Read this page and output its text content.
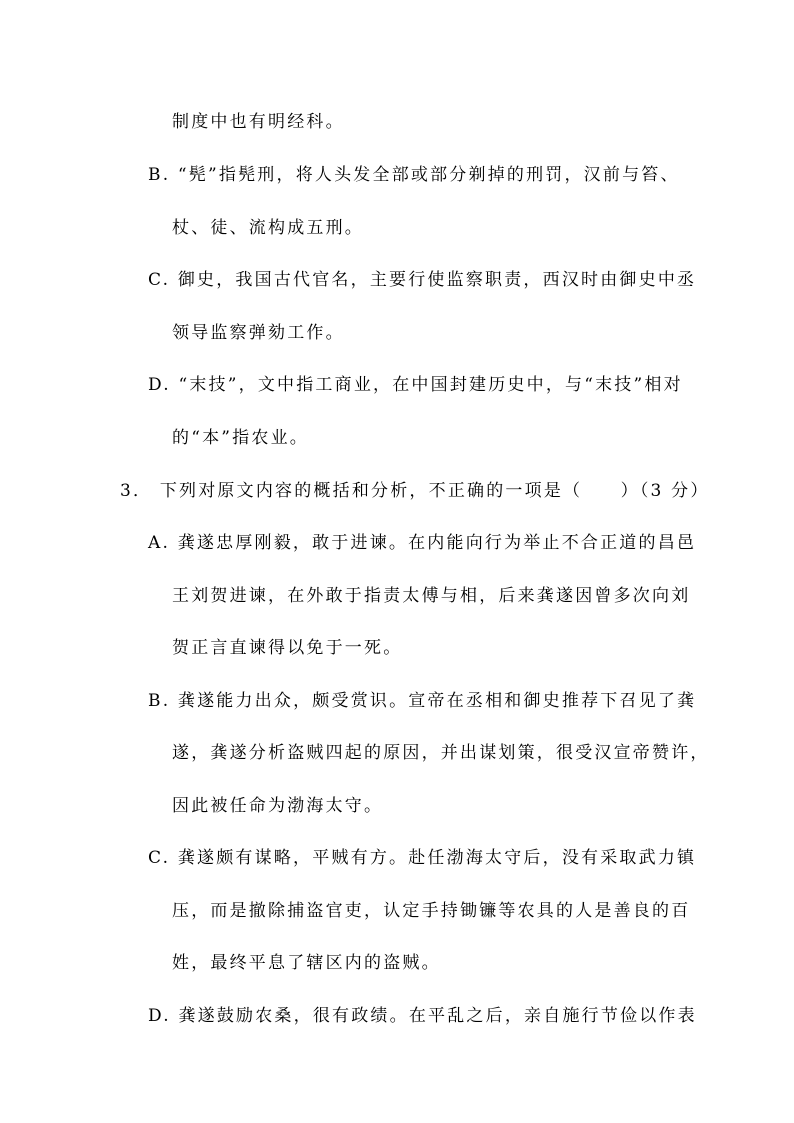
制度中也有明经科。
B. “髡”指髡刑，将人头发全部或部分剃掉的刑罚，汉前与笞、
杖、徒、流构成五刑。
C. 御史，我国古代官名，主要行使监察职责，西汉时由御史中丞
领导监察弹劾工作。
D. “末技”，文中指工商业，在中国封建历史中，与“末技”相对
的“本”指农业。
3． 下列对原文内容的概括和分析，不正确的一项是（　　）（3 分）
A. 龚遂忠厚刚毅，敢于进谏。在内能向行为举止不合正道的昌邑
王刘贺进谏，在外敢于指责太傅与相，后来龚遂因曾多次向刘
贺正言直谏得以免于一死。
B. 龚遂能力出众，颇受赏识。宣帝在丞相和御史推荐下召见了龚
遂，龚遂分析盗贼四起的原因，并出谋划策，很受汉宣帝赞许，
因此被任命为渤海太守。
C. 龚遂颇有谋略，平贼有方。赴任渤海太守后，没有采取武力镇
压，而是撤除捕盗官吏，认定手持锄镰等农具的人是善良的百
姓，最终平息了辖区内的盗贼。
D. 龚遂鼓励农桑，很有政绩。在平乱之后，亲自施行节俭以作表
